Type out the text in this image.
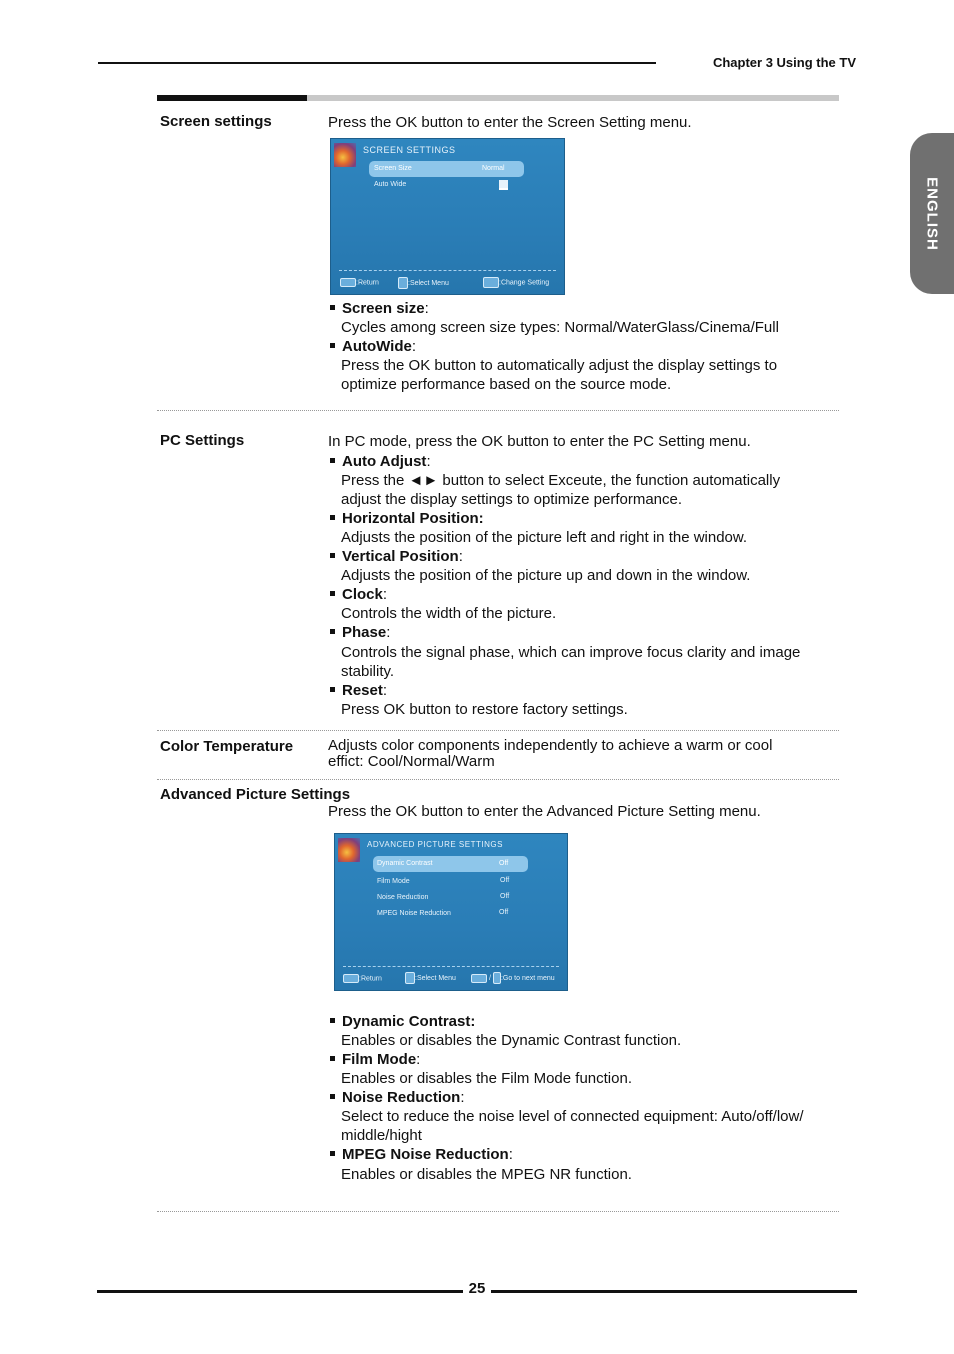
Chapter 3 Using the TV
ENGLISH
Screen settings	Press the OK button to enter the Screen Setting menu.
SCREEN SETTINGS
Screen Size	Normal
Auto Wide
:Return	:Select Menu	:Change Setting
Screen size:
Cycles among screen size types: Normal/WaterGlass/Cinema/Full
AutoWide:
Press the OK button to automatically adjust the display settings to
optimize performance based on the source mode.
PC Settings	In PC mode, press the OK button to enter the PC Setting menu.
Auto Adjust:
Press the ◄► button to select Exceute, the function automatically
adjust the display settings to optimize performance.
Horizontal Position:
Adjusts the position of the picture left and right in the window.
Vertical Position:
Adjusts the position of the picture up and down in the window.
Clock:
Controls the width of the picture.
Phase:
Controls the signal phase, which can improve focus clarity and image
stability.
Reset:
Press OK button to restore factory settings.
Color Temperature Adjusts color components independently to achieve a warm or cool
effict: Cool/Normal/Warm
Advanced Picture Settings
Press the OK button to enter the Advanced Picture Setting menu.
ADVANCED PICTURE SETTINGS
Dynamic Contrast	Off
Film Mode	Off
Noise Reduction	Off
MPEG Noise Reduction	Off
:Return	:Select Menu	/ :Go to next menu
Dynamic Contrast:
Enables or disables the Dynamic Contrast function.
Film Mode:
Enables or disables the Film Mode function.
Noise Reduction:
Select to reduce the noise level of connected equipment: Auto/off/low/
middle/hight
MPEG Noise Reduction:
Enables or disables the MPEG NR function.
25
